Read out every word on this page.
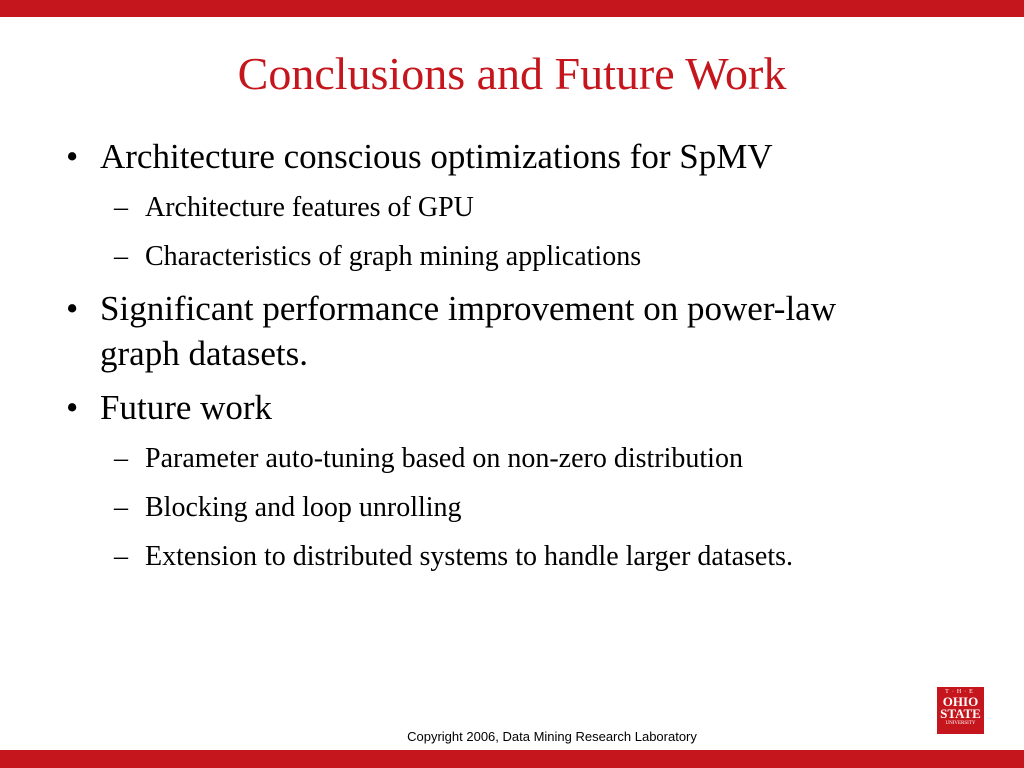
Conclusions and Future Work
• Architecture conscious optimizations for SpMV
– Architecture features of GPU
– Characteristics of graph mining applications
• Significant performance improvement on power-law graph datasets.
• Future work
– Parameter auto-tuning based on non-zero distribution
– Blocking and loop unrolling
– Extension to distributed systems to handle larger datasets.
T·H·E
OHIO
STATE
UNIVERSITY
Copyright 2006, Data Mining Research Laboratory
